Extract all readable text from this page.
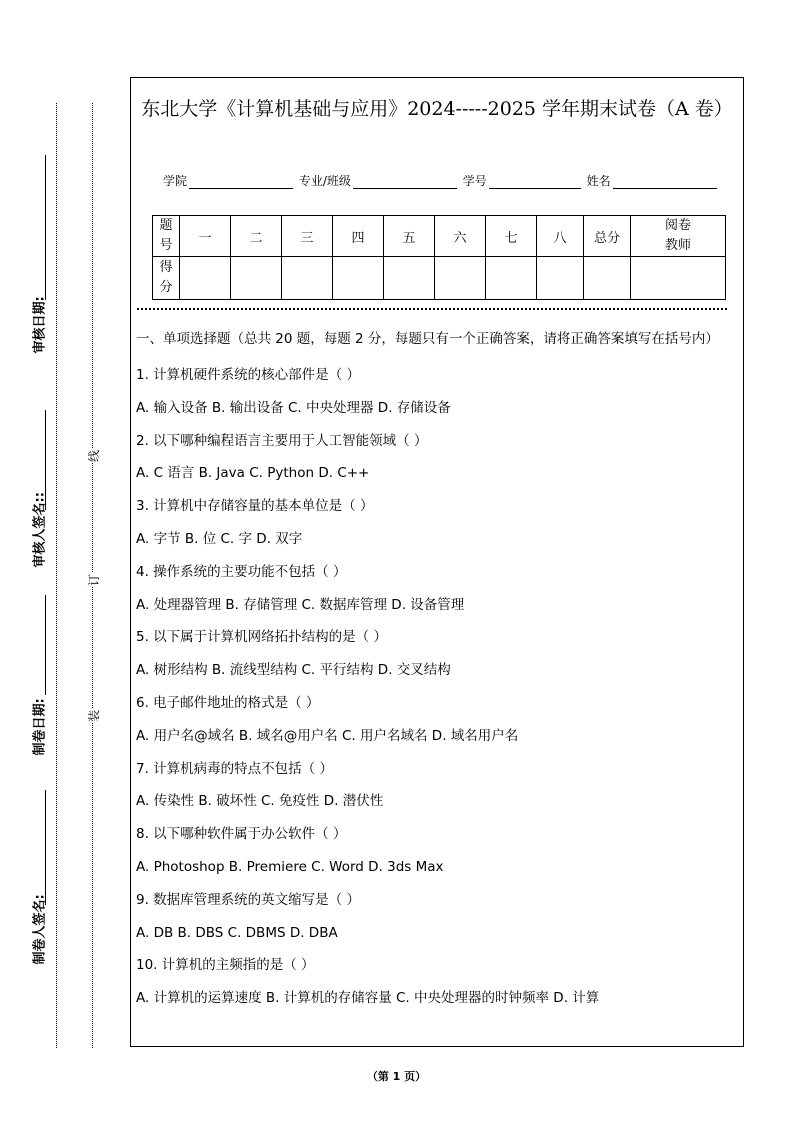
审核日期:
审核人签名::
制卷日期:
制卷人签名:
线
订
装
东北大学《计算机基础与应用》2024-----2025 学年期末试卷（A 卷）
学院	专业/班级	学号	姓名
题号	一	二	三	四	五	六	七	八	总分	阅卷教师

得分										

一、单项选择题（总共 20 题，每题 2 分，每题只有一个正确答案，请将正确答案填写在括号内）
1. 计算机硬件系统的核心部件是（ ）
A. 输入设备 B. 输出设备 C. 中央处理器 D. 存储设备
2. 以下哪种编程语言主要用于人工智能领域（ ）
A. C 语言 B. Java C. Python D. C++
3. 计算机中存储容量的基本单位是（ ）
A. 字节 B. 位 C. 字 D. 双字
4. 操作系统的主要功能不包括（ ）
A. 处理器管理 B. 存储管理 C. 数据库管理 D. 设备管理
5. 以下属于计算机网络拓扑结构的是（ ）
A. 树形结构 B. 流线型结构 C. 平行结构 D. 交叉结构
6. 电子邮件地址的格式是（ ）
A. 用户名@域名 B. 域名@用户名 C. 用户名域名 D. 域名用户名
7. 计算机病毒的特点不包括（ ）
A. 传染性 B. 破坏性 C. 免疫性 D. 潜伏性
8. 以下哪种软件属于办公软件（ ）
A. Photoshop B. Premiere C. Word D. 3ds Max
9. 数据库管理系统的英文缩写是（ ）
A. DB B. DBS C. DBMS D. DBA
10. 计算机的主频指的是（ ）
A. 计算机的运算速度 B. 计算机的存储容量 C. 中央处理器的时钟频率 D. 计算
（第 1 页）
